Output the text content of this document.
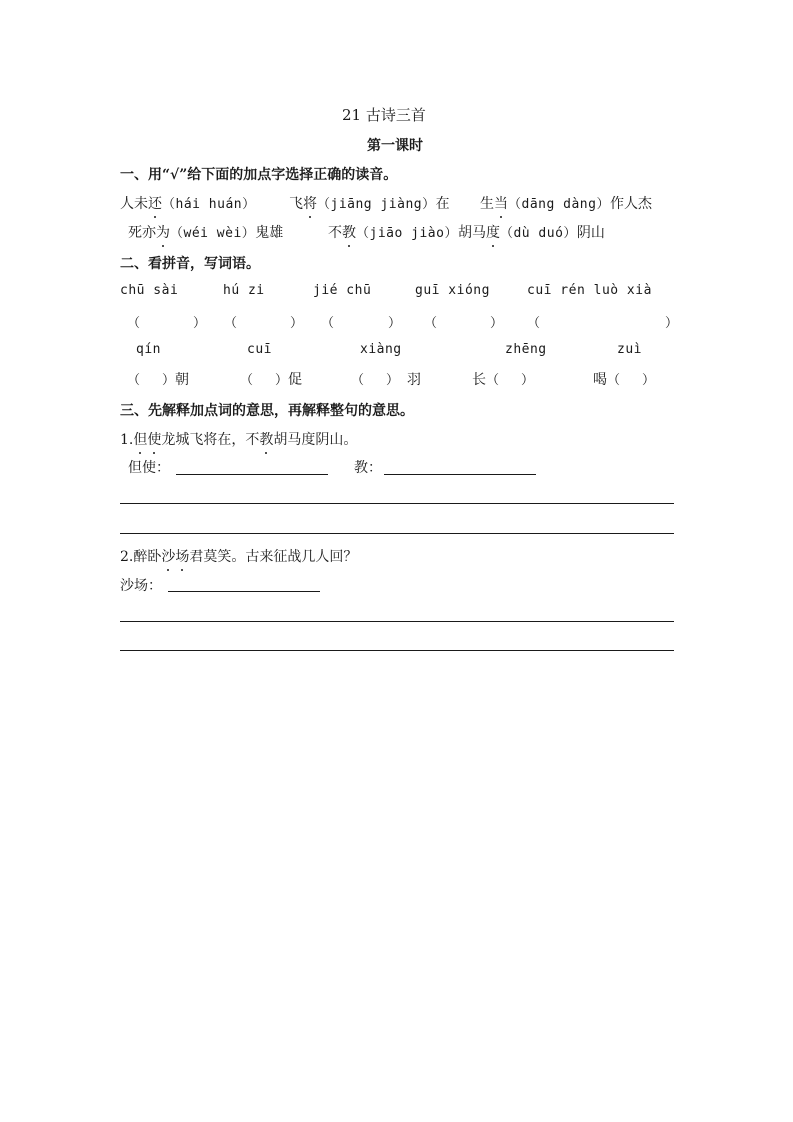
21 古诗三首
第一课时
一、用“√”给下面的加点字选择正确的读音。
人未还（hái huán） 飞将（jiāng jiàng）在 生当（dāng dàng）作人杰
死亦为（wéi wèi）鬼雄	不教（jiāo jiào）胡马度（dù duó）阴山
二、看拼音，写词语。
chū sài	hú zi	jié chū	guī xióng	cuī rén luò xià
（	） （	） （	） （	） （	）
qín	cuī	xiàng	zhēng	zuì
（ ）朝	（ ）促	（ ） 羽	长（ ）	喝（ ）
三、先解释加点词的意思，再解释整句的意思。
1.但使龙城飞将在，不教胡马度阴山。
但使：	教：
2.醉卧沙场君莫笑。古来征战几人回？
沙场：
